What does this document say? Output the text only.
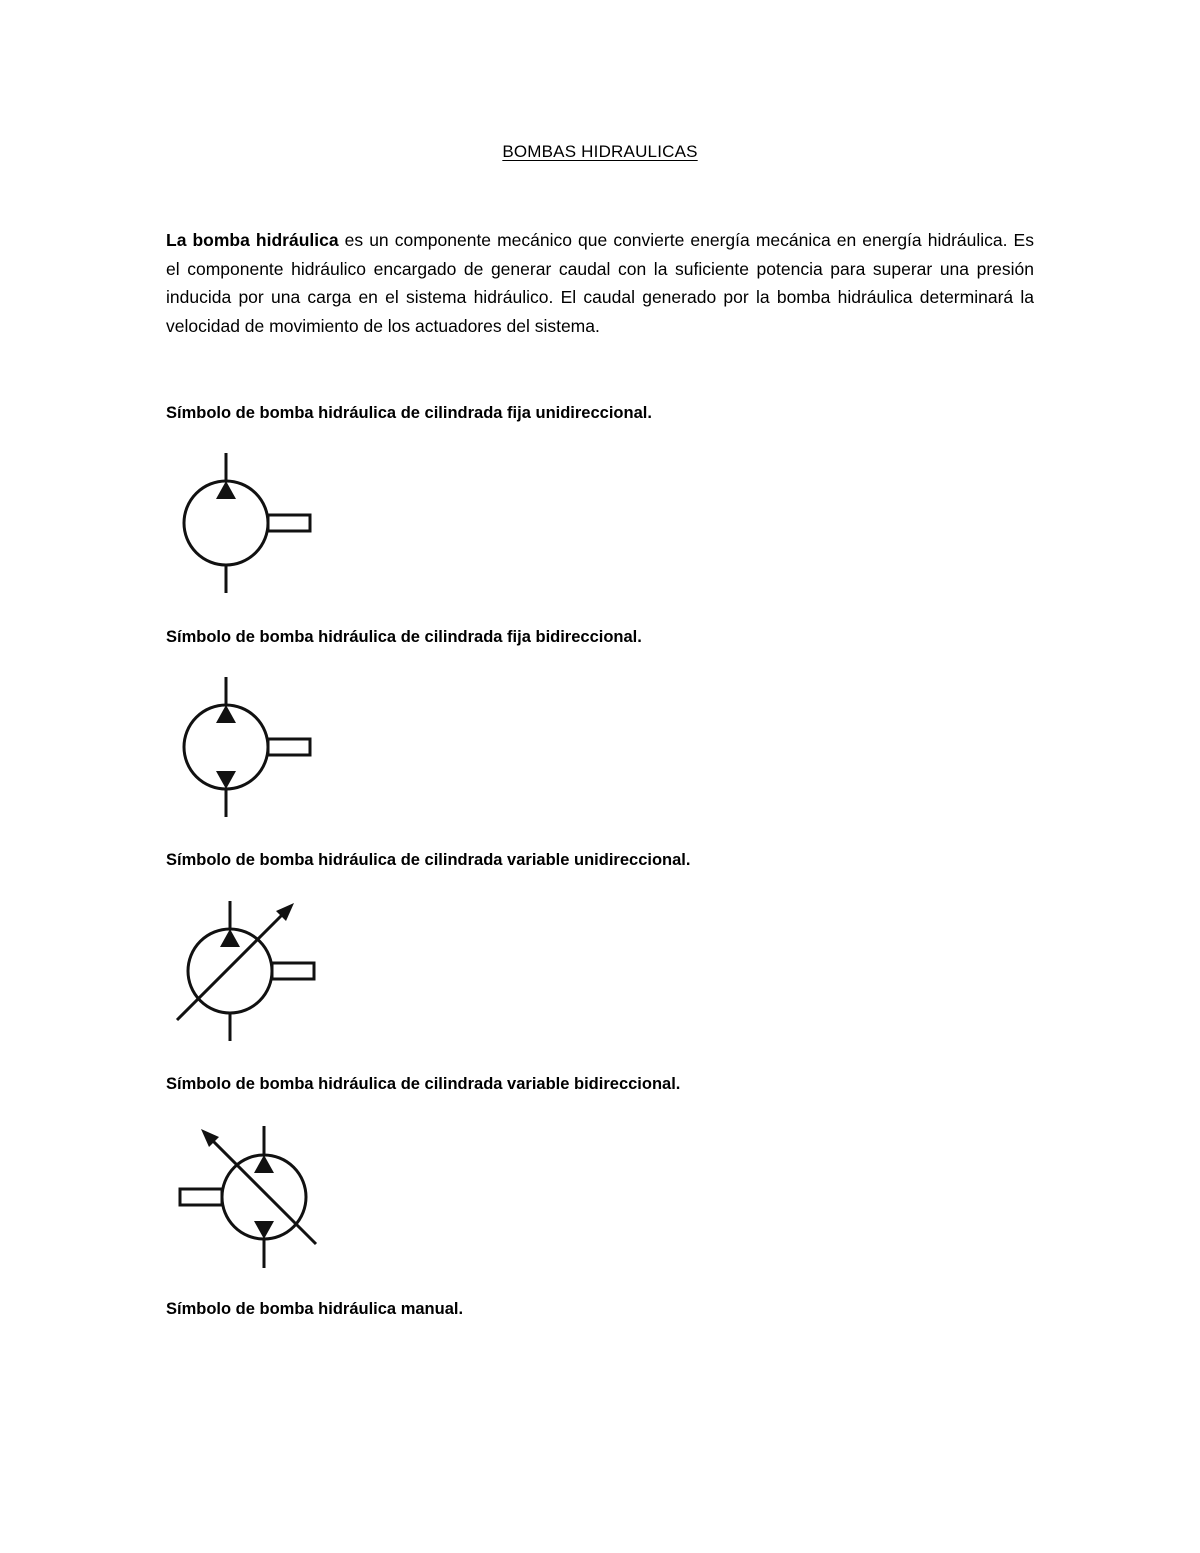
BOMBAS HIDRAULICAS

La bomba hidráulica es un componente mecánico que convierte energía mecánica en energía hidráulica. Es el componente hidráulico encargado de generar caudal con la suficiente potencia para superar una presión inducida por una carga en el sistema hidráulico. El caudal generado por la bomba hidráulica determinará la velocidad de movimiento de los actuadores del sistema.

Símbolo de bomba hidráulica de cilindrada fija unidireccional.

Símbolo de bomba hidráulica de cilindrada fija bidireccional.

Símbolo de bomba hidráulica de cilindrada variable unidireccional.

Símbolo de bomba hidráulica de cilindrada variable bidireccional.

Símbolo de bomba hidráulica manual.
